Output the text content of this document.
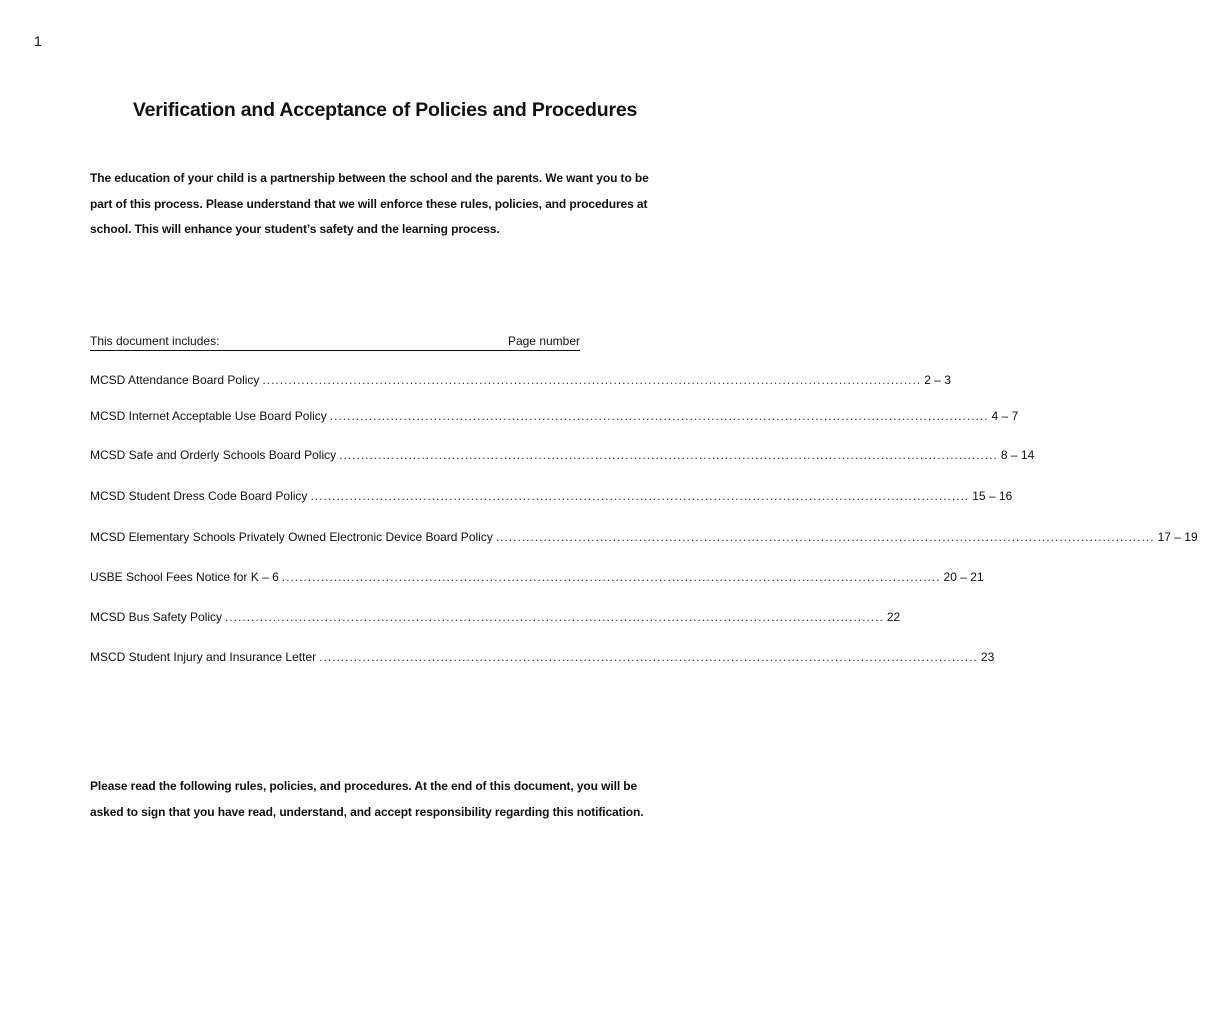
1
Verification and Acceptance of Policies and Procedures

The education of your child is a partnership between the school and the parents. We want you to be

part of this process. Please understand that we will enforce these rules, policies, and procedures at

school. This will enhance your student’s safety and the learning process.

This document includes:	Page number
MCSD Attendance Board Policy ........................................................................................................................................................ 2 – 3
MCSD Internet Acceptable Use Board Policy ........................................................................................................................................................ 4 – 7
MCSD Safe and Orderly Schools Board Policy ........................................................................................................................................................ 8 – 14
MCSD Student Dress Code Board Policy ........................................................................................................................................................ 15 – 16
MCSD Elementary Schools Privately Owned Electronic Device Board Policy ........................................................................................................................................................ 17 – 19
USBE School Fees Notice for K – 6 ........................................................................................................................................................ 20 – 21
MCSD Bus Safety Policy ........................................................................................................................................................ 22
MSCD Student Injury and Insurance Letter ........................................................................................................................................................ 23

Please read the following rules, policies, and procedures. At the end of this document, you will be

asked to sign that you have read, understand, and accept responsibility regarding this notification.
